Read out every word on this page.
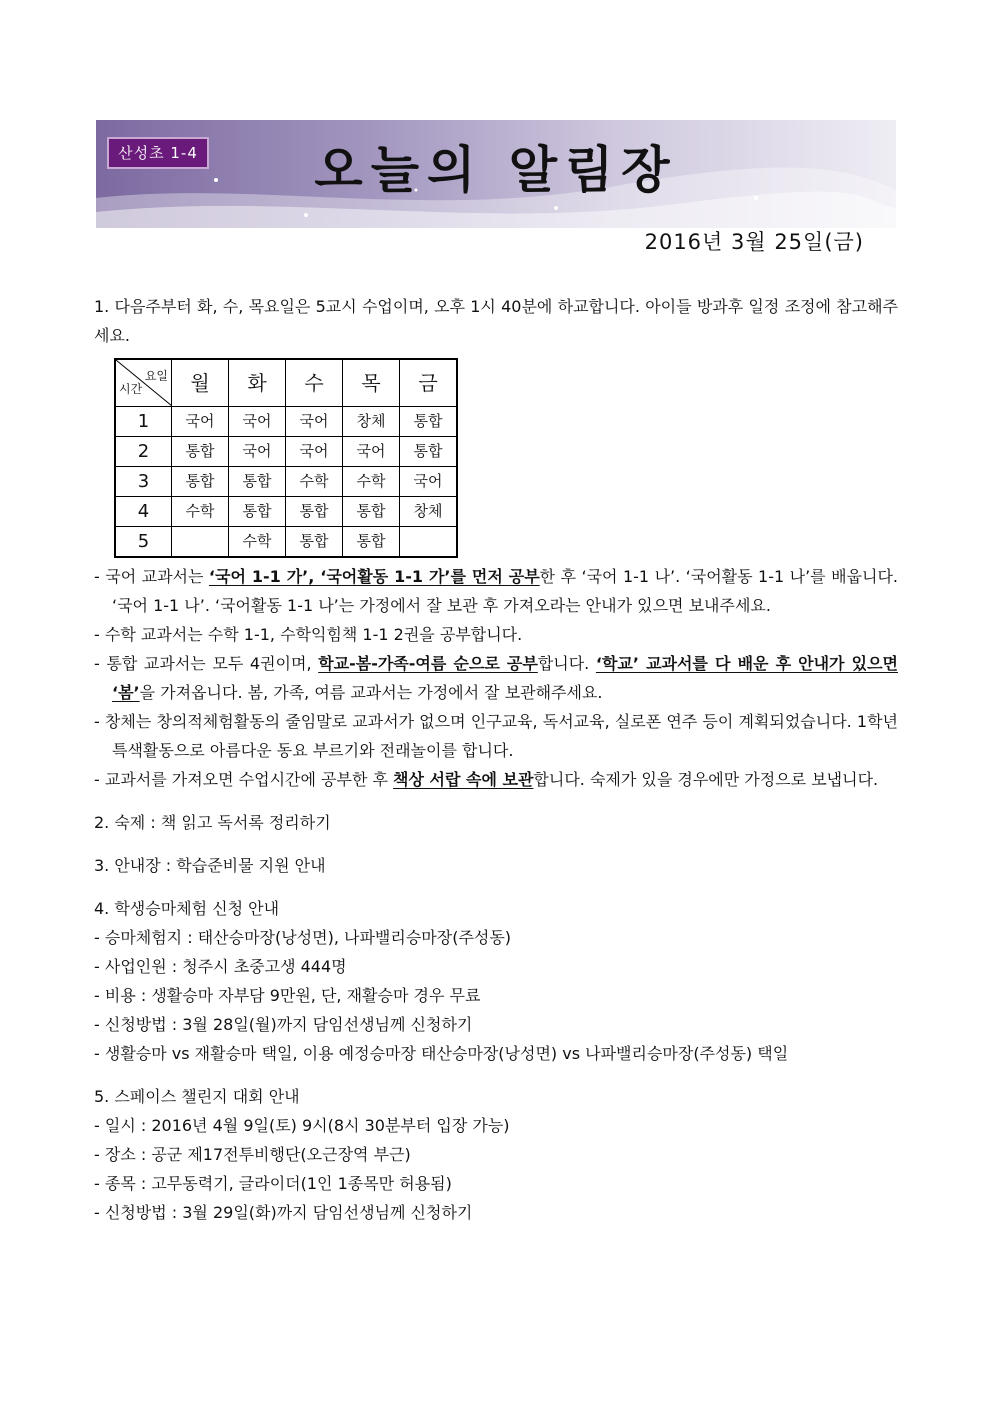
산성초 1-4	오늘의 알림장
2016년 3월 25일(금)

1. 다음주부터 화, 수, 목요일은 5교시 수업이며, 오후 1시 40분에 하교합니다. 아이들 방과후 일정 조정에 참고해주세요.

요일
시간	월	화	수	목	금
1	국어	국어	국어	창체	통합
2	통합	국어	국어	국어	통합
3	통합	통합	수학	수학	국어
4	수학	통합	통합	통합	창체
5		수학	통합	통합	

- 국어 교과서는 ‘국어 1-1 가’, ‘국어활동 1-1 가’를 먼저 공부한 후 ‘국어 1-1 나’. ‘국어활동 1-1 나’를 배웁니다. ‘국어 1-1 나’. ‘국어활동 1-1 나’는 가정에서 잘 보관 후 가져오라는 안내가 있으면 보내주세요.

- 수학 교과서는 수학 1-1, 수학익힘책 1-1 2권을 공부합니다.

- 통합 교과서는 모두 4권이며, 학교-봄-가족-여름 순으로 공부합니다. ‘학교’ 교과서를 다 배운 후 안내가 있으면 ‘봄’을 가져옵니다. 봄, 가족, 여름 교과서는 가정에서 잘 보관해주세요.

- 창체는 창의적체험활동의 줄임말로 교과서가 없으며 인구교육, 독서교육, 실로폰 연주 등이 계획되었습니다. 1학년 특색활동으로 아름다운 동요 부르기와 전래놀이를 합니다.

- 교과서를 가져오면 수업시간에 공부한 후 책상 서랍 속에 보관합니다. 숙제가 있을 경우에만 가정으로 보냅니다.

2. 숙제 : 책 읽고 독서록 정리하기

3. 안내장 : 학습준비물 지원 안내

4. 학생승마체험 신청 안내

- 승마체험지 : 태산승마장(낭성면), 나파밸리승마장(주성동)

- 사업인원 : 청주시 초중고생 444명

- 비용 : 생활승마 자부담 9만원, 단, 재활승마 경우 무료

- 신청방법 : 3월 28일(월)까지 담임선생님께 신청하기

- 생활승마 vs 재활승마 택일, 이용 예정승마장 태산승마장(낭성면) vs 나파밸리승마장(주성동) 택일

5. 스페이스 챌린지 대회 안내

- 일시 : 2016년 4월 9일(토) 9시(8시 30분부터 입장 가능)

- 장소 : 공군 제17전투비행단(오근장역 부근)

- 종목 : 고무동력기, 글라이더(1인 1종목만 허용됨)

- 신청방법 : 3월 29일(화)까지 담임선생님께 신청하기
